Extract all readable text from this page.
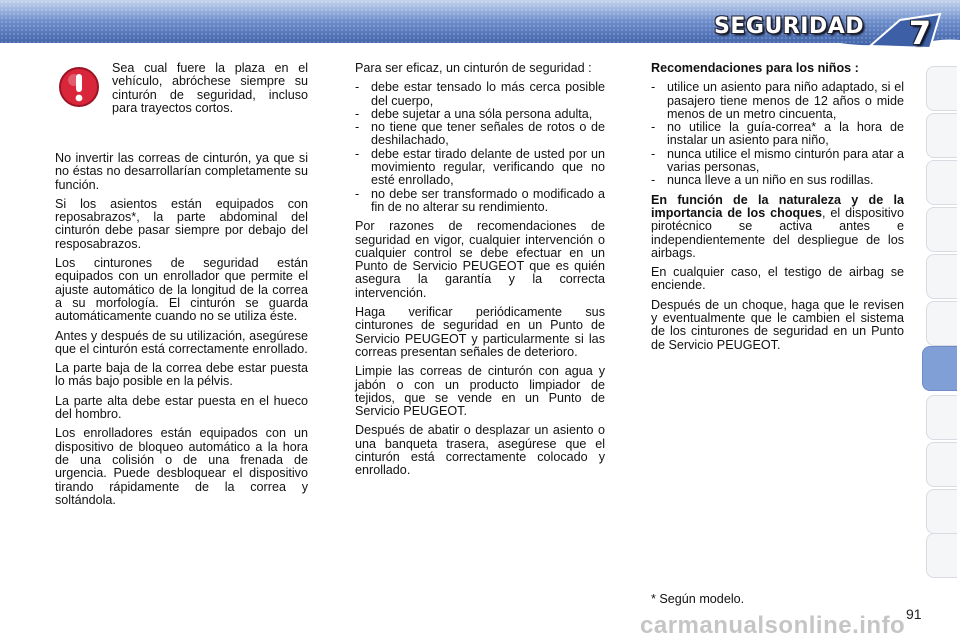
SEGURIDAD 7

Sea cual fuere la plaza en el vehículo, abróchese siempre su cinturón de seguridad, incluso para trayectos cortos.

No invertir las correas de cinturón, ya que si no éstas no desarrollarían completamente su función.

Si los asientos están equipados con reposabrazos*, la parte abdominal del cinturón debe pasar siempre por debajo del resposabrazos.

Los cinturones de seguridad están equipados con un enrollador que permite el ajuste automático de la longitud de la correa a su morfología. El cinturón se guarda automáticamente cuando no se utiliza éste.

Antes y después de su utilización, asegúrese que el cinturón está correctamente enrollado.

La parte baja de la correa debe estar puesta lo más bajo posible en la pélvis.

La parte alta debe estar puesta en el hueco del hombro.

Los enrolladores están equipados con un dispositivo de bloqueo automático a la hora de una colisión o de una frenada de urgencia. Puede desbloquear el dispositivo tirando rápidamente de la correa y soltándola.

Para ser eficaz, un cinturón de seguridad :

- debe estar tensado lo más cerca posible del cuerpo,
- debe sujetar a una sóla persona adulta,
- no tiene que tener señales de rotos o de deshilachado,
- debe estar tirado delante de usted por un movimiento regular, verificando que no esté enrollado,
- no debe ser transformado o modificado a fin de no alterar su rendimiento.

Por razones de recomendaciones de seguridad en vigor, cualquier intervención o cualquier control se debe efectuar en un Punto de Servicio PEUGEOT que es quién asegura la garantía y la correcta intervención.

Haga verificar periódicamente sus cinturones de seguridad en un Punto de Servicio PEUGEOT y particularmente si las correas presentan señales de deterioro.

Limpie las correas de cinturón con agua y jabón o con un producto limpiador de tejidos, que se vende en un Punto de Servicio PEUGEOT.

Después de abatir o desplazar un asiento o una banqueta trasera, asegúrese que el cinturón está correctamente colocado y enrollado.

Recomendaciones para los niños :

- utilice un asiento para niño adaptado, si el pasajero tiene menos de 12 años o mide menos de un metro cincuenta,
- no utilice la guía-correa* a la hora de instalar un asiento para niño,
- nunca utilice el mismo cinturón para atar a varias personas,
- nunca lleve a un niño en sus rodillas.

En función de la naturaleza y de la importancia de los choques, el dispositivo pirotécnico se activa antes e independientemente del despliegue de los airbags.

En cualquier caso, el testigo de airbag se enciende.

Después de un choque, haga que le revisen y eventualmente que le cambien el sistema de los cinturones de seguridad en un Punto de Servicio PEUGEOT.

* Según modelo.
carmanualsonline.info 91
